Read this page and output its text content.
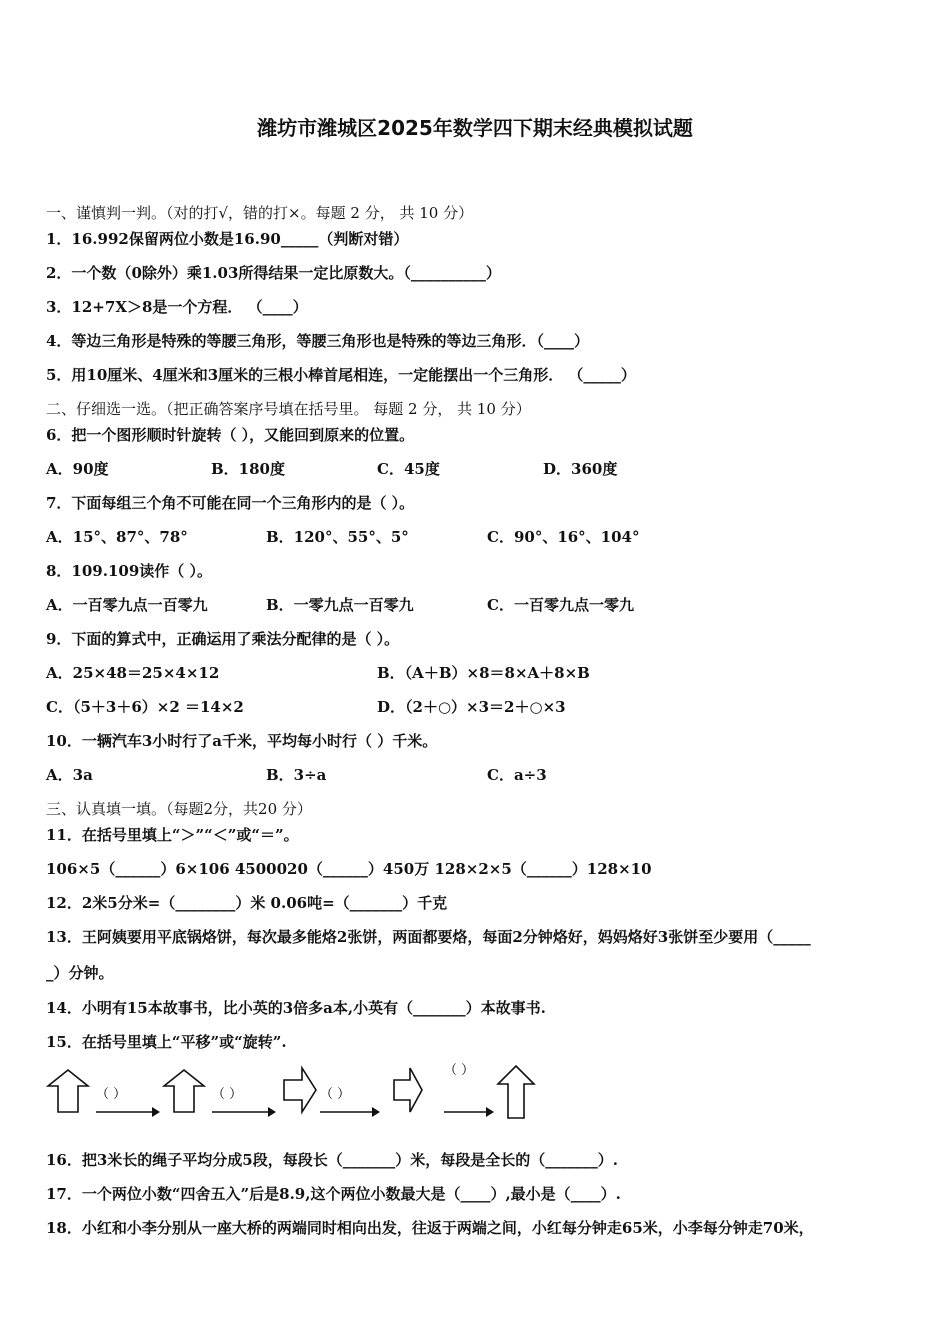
潍坊市潍城区2025年数学四下期末经典模拟试题
一、谨慎判一判。（对的打√，错的打×。每题 2 分， 共 10 分）
1．16.992保留两位小数是16.90_____（判断对错）
2．一个数（0除外）乘1.03所得结果一定比原数大。（__________）
3．12+7X＞8是一个方程． （____）
4．等边三角形是特殊的等腰三角形，等腰三角形也是特殊的等边三角形．（____）
5．用10厘米、4厘米和3厘米的三根小棒首尾相连，一定能摆出一个三角形． （_____）
二、仔细选一选。（把正确答案序号填在括号里。 每题 2 分， 共 10 分）
6．把一个图形顺时针旋转（ ），又能回到原来的位置。
A．90度	B．180度	C．45度	D．360度
7．下面每组三个角不可能在同一个三角形内的是（ ）。
A．15°、87°、78°	B．120°、55°、5°	C．90°、16°、104°
8．109.109读作（ ）。
A．一百零九点一百零九	B．一零九点一百零九	C．一百零九点一零九
9．下面的算式中，正确运用了乘法分配律的是（ ）。
A．25×48＝25×4×12	B．（A＋B）×8＝8×A＋8×B
C．（5＋3＋6）×2 ＝14×2	D．（2＋○）×3＝2＋○×3
10．一辆汽车3小时行了a千米，平均每小时行（ ）千米。
A．3a	B．3÷a	C．a÷3
三、认真填一填。（每题2分，共20 分）
11．在括号里填上“＞”“＜”或“＝”。
106×5（______）6×106 4500020（______）450万 128×2×5（______）128×10
12．2米5分米=（________）米 0.06吨=（_______）千克
13．王阿姨要用平底锅烙饼，每次最多能烙2张饼，两面都要烙，每面2分钟烙好，妈妈烙好3张饼至少要用（_____
_）分钟。
14．小明有15本故事书，比小英的3倍多a本,小英有（_______）本故事书.
15．在括号里填上“平移”或“旋转”.
（ ）	（ ）	（ ）
（ ）
16．把3米长的绳子平均分成5段，每段长（_______）米，每段是全长的（_______）.
17．一个两位小数“四舍五入”后是8.9,这个两位小数最大是（____）,最小是（____）.
18．小红和小李分别从一座大桥的两端同时相向出发，往返于两端之间，小红每分钟走65米，小李每分钟走70米，
